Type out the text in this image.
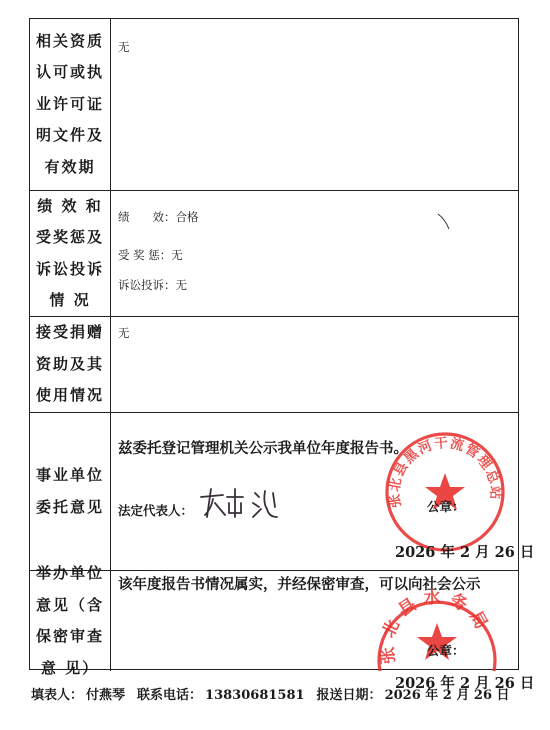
相关资质
认可或执
业许可证
明文件及
有效期
无
绩 效 和
受奖惩及
诉讼投诉
情 况
绩　　效：合格
受 奖 惩：无
诉讼投诉：无
接受捐赠
资助及其
使用情况
无
事业单位
委托意见
兹委托登记管理机关公示我单位年度报告书。
法定代表人：
张北县黑河干流管理总站
公章：
2026 年 2 月 26 日
举办单位
意见（含
保密审查
意 见）
该年度报告书情况属实，并经保密审查，可以向社会公示
张北县水务局
公章：
2026 年 2 月 26 日
填表人： 付燕琴 联系电话： 13830681581 报送日期： 2026 年 2 月 26 日
